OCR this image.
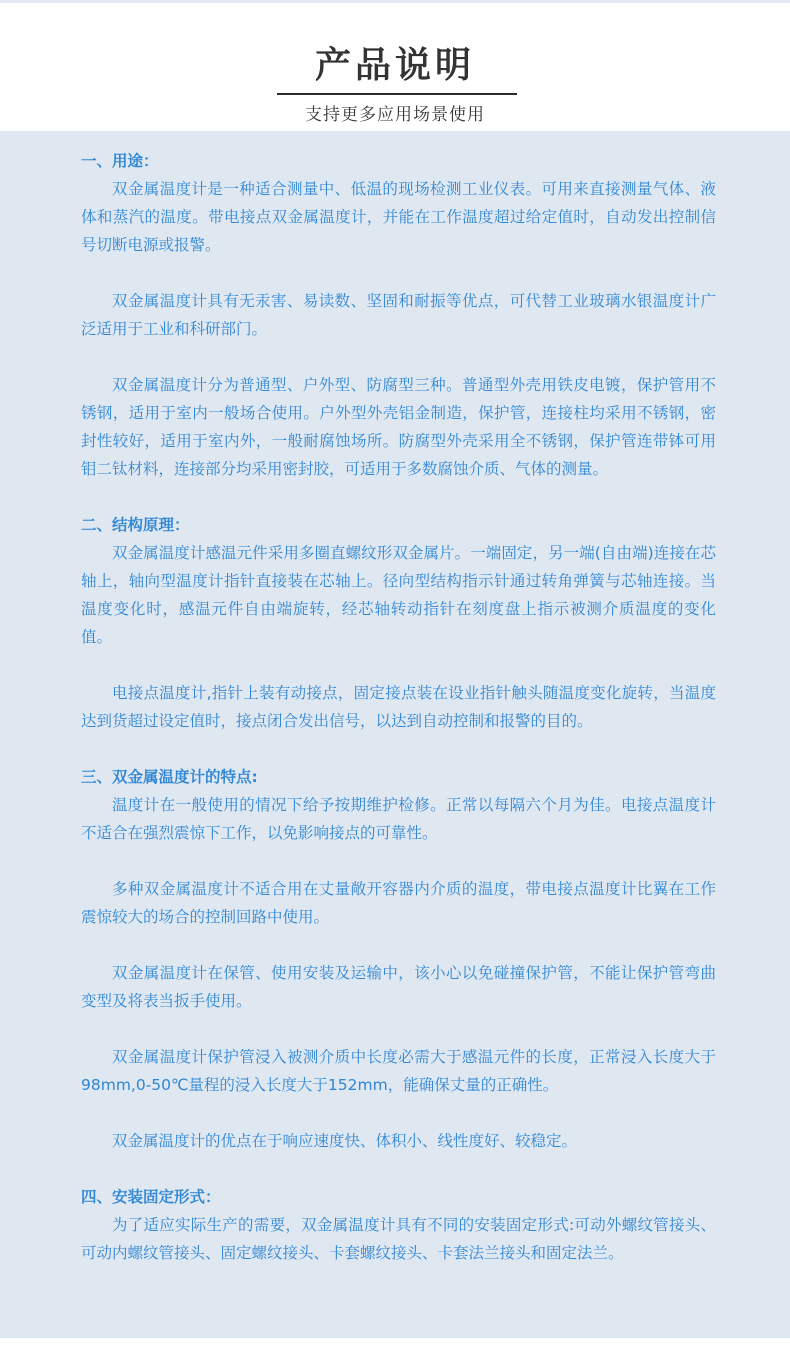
产品说明
支持更多应用场景使用

一、用途：

双金属温度计是一种适合测量中、低温的现场检测工业仪表。可用来直接测量气体、液体和蒸汽的温度。带电接点双金属温度计，并能在工作温度超过给定值时，自动发出控制信号切断电源或报警。

双金属温度计具有无汞害、易读数、坚固和耐振等优点，可代替工业玻璃水银温度计广泛适用于工业和科研部门。

双金属温度计分为普通型、户外型、防腐型三种。普通型外壳用铁皮电镀，保护管用不锈钢，适用于室内一般场合使用。户外型外壳铝金制造，保护管，连接柱均采用不锈钢，密封性较好，适用于室内外，一般耐腐蚀场所。防腐型外壳采用全不锈钢，保护管连带钵可用钼二钛材料，连接部分均采用密封胶，可适用于多数腐蚀介质、气体的测量。

二、结构原理：

双金属温度计感温元件采用多圈直螺纹形双金属片。一端固定，另一端(自由端)连接在芯轴上，轴向型温度计指针直接装在芯轴上。径向型结构指示针通过转角弹簧与芯轴连接。当温度变化时，感温元件自由端旋转，经芯轴转动指针在刻度盘上指示被测介质温度的变化值。

电接点温度计,指针上装有动接点，固定接点装在设业指针触头随温度变化旋转，当温度达到货超过设定值时，接点闭合发出信号，以达到自动控制和报警的目的。

三、双金属温度计的特点:

温度计在一般使用的情况下给予按期维护检修。正常以每隔六个月为佳。电接点温度计不适合在强烈震惊下工作，以免影响接点的可靠性。

多种双金属温度计不适合用在丈量敞开容器内介质的温度，带电接点温度计比翼在工作震惊较大的场合的控制回路中使用。

双金属温度计在保管、使用安装及运输中，该小心以免碰撞保护管，不能让保护管弯曲变型及将表当扳手使用。

双金属温度计保护管浸入被测介质中长度必需大于感温元件的长度，正常浸入长度大于98mm,0-50℃量程的浸入长度大于152mm，能确保丈量的正确性。

双金属温度计的优点在于响应速度快、体积小、线性度好、较稳定。

四、安装固定形式：

为了适应实际生产的需要，双金属温度计具有不同的安装固定形式:可动外螺纹管接头、可动内螺纹管接头、固定螺纹接头、卡套螺纹接头、卡套法兰接头和固定法兰。
